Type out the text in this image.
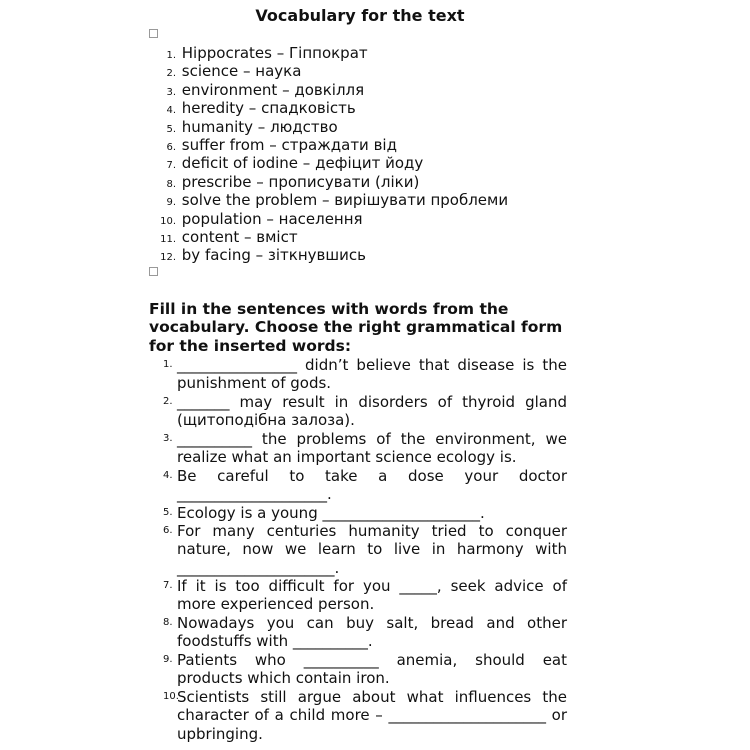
Vocabulary for the text
1. Hippocrates – Гіппократ
2. science – наука
3. environment – довкілля
4. heredity – спадковість
5. humanity – людство
6. suffer from – страждати від
7. deficit of iodine – дефіцит йоду
8. prescribe – прописувати (ліки)
9. solve the problem – вирішувати проблеми
10. population – населення
11. content – вміст
12. by facing – зіткнувшись
Fill in the sentences with words from the vocabulary. Choose the right grammatical form for the inserted words:
1. ________________ didn’t believe that disease is the punishment of gods.
2. _______ may result in disorders of thyroid gland (щитоподібна залоза).
3. __________ the problems of the environment, we realize what an important science ecology is.
4. Be careful to take a dose your doctor ____________________.
5. Ecology is a young _____________________.
6. For many centuries humanity tried to conquer nature, now we learn to live in harmony with _____________________.
7. If it is too difficult for you _____, seek advice of more experienced person.
8. Nowadays you can buy salt, bread and other foodstuffs with __________.
9. Patients who __________ anemia, should eat products which contain iron.
10.Scientists still argue about what influences the character of a child more – _____________________ or upbringing.
